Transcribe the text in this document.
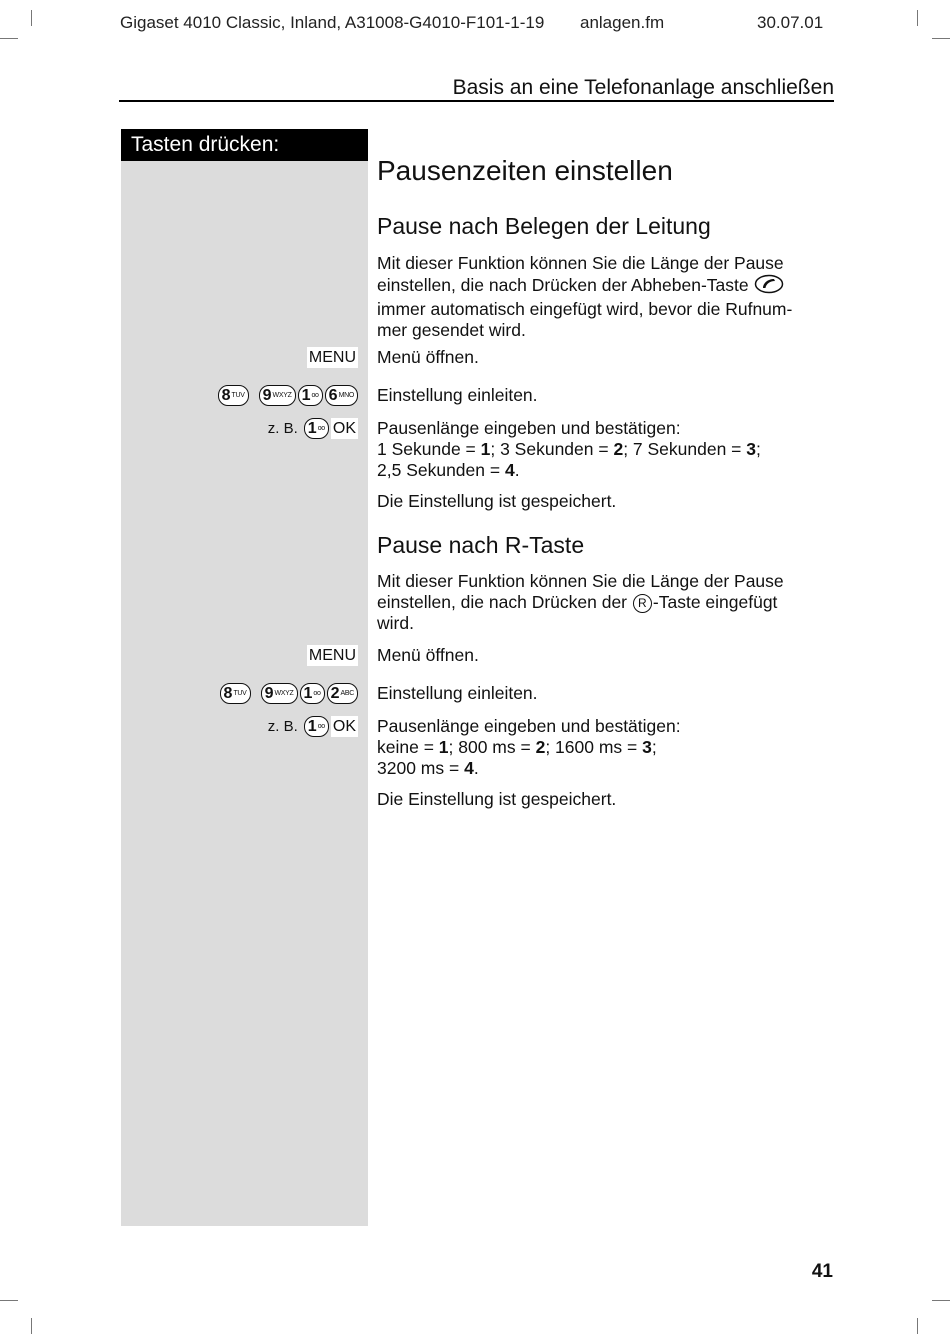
Gigaset 4010 Classic, Inland, A31008-G4010-F101-1-19 anlagen.fm	30.07.01
Basis an eine Telefonanlage anschließen
Tasten drücken:
Pausenzeiten einstellen
Pause nach Belegen der Leitung
Mit dieser Funktion können Sie die Länge der Pause
einstellen, die nach Drücken der Abheben-Taste
immer automatisch eingefügt wird, bevor die Rufnum-
mer gesendet wird.
MENU Menü öffnen.
8 TUV 9 WXYZ 1 oo 6 MNO Einstellung einleiten.
z. B. 1 oo OK Pausenlänge eingeben und bestätigen:
1 Sekunde = 1; 3 Sekunden = 2; 7 Sekunden = 3;
2,5 Sekunden = 4.
Die Einstellung ist gespeichert.
Pause nach R-Taste
Mit dieser Funktion können Sie die Länge der Pause
einstellen, die nach Drücken der R -Taste eingefügt
wird.
MENU Menü öffnen.
8 TUV 9 WXYZ 1 oo 2 ABC Einstellung einleiten.
z. B. 1 oo OK Pausenlänge eingeben und bestätigen:
keine = 1; 800 ms = 2; 1600 ms = 3;
3200 ms = 4.
Die Einstellung ist gespeichert.
41
